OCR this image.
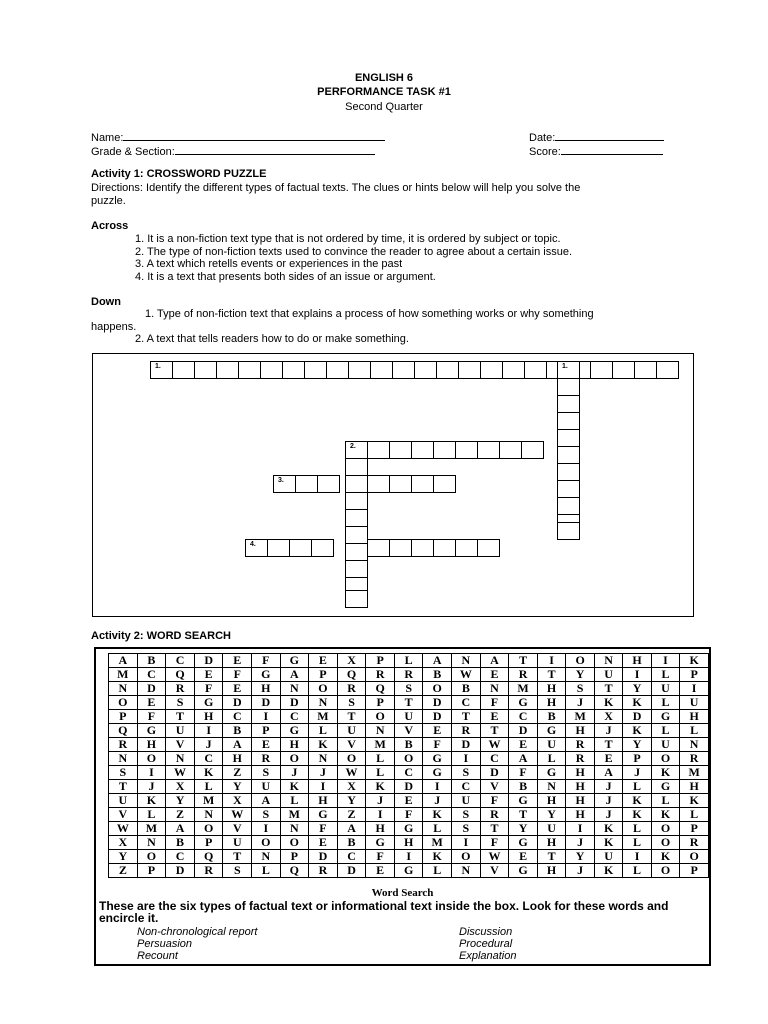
ENGLISH 6
PERFORMANCE TASK #1
Second Quarter
Name:	Date:
Grade & Section:	Score:
Activity 1: CROSSWORD PUZZLE
Directions: Identify the different types of factual texts. The clues or hints below will help you solve the
puzzle.
Across
1. It is a non-fiction text type that is not ordered by time, it is ordered by subject or topic.
2. The type of non-fiction texts used to convince the reader to agree about a certain issue.
3. A text which retells events or experiences in the past
4. It is a text that presents both sides of an issue or argument.
Down
1. Type of non-fiction text that explains a process of how something works or why something
happens.
2. A text that tells readers how to do or make something.
1.	1.
2.
3.
4.
Activity 2: WORD SEARCH
A	B	C	D	E	F	G	E	X	P	L	A	N	A	T	I	O	N	H	I	K
M	C	Q	E	F	G	A	P	Q	R	R	B	W	E	R	T	Y	U	I	L	P
N	D	R	F	E	H	N	O	R	Q	S	O	B	N	M	H	S	T	Y	U	I
O	E	S	G	D	D	D	N	S	P	T	D	C	F	G	H	J	K	K	L	U
P	F	T	H	C	I	C	M	T	O	U	D	T	E	C	B	M	X	D	G	H
Q	G	U	I	B	P	G	L	U	N	V	E	R	T	D	G	H	J	K	L	L
R	H	V	J	A	E	H	K	V	M	B	F	D	W	E	U	R	T	Y	U	N
N	O	N	C	H	R	O	N	O	L	O	G	I	C	A	L	R	E	P	O	R
S	I	W	K	Z	S	J	J	W	L	C	G	S	D	F	G	H	A	J	K	M
T	J	X	L	Y	U	K	I	X	K	D	I	C	V	B	N	H	J	L	G	H
U	K	Y	M	X	A	L	H	Y	J	E	J	U	F	G	H	H	J	K	L	K
V	L	Z	N	W	S	M	G	Z	I	F	K	S	R	T	Y	H	J	K	K	L
W	M	A	O	V	I	N	F	A	H	G	L	S	T	Y	U	I	K	L	O	P
X	N	B	P	U	O	O	E	B	G	H	M	I	F	G	H	J	K	L	O	R
Y	O	C	Q	T	N	P	D	C	F	I	K	O	W	E	T	Y	U	I	K	O
Z	P	D	R	S	L	Q	R	D	E	G	L	N	V	G	H	J	K	L	O	P
Word Search
These are the six types of factual text or informational text inside the box. Look for these words and encircle it.
Non-chronological report
Persuasion
Recount
Discussion
Procedural
Explanation
